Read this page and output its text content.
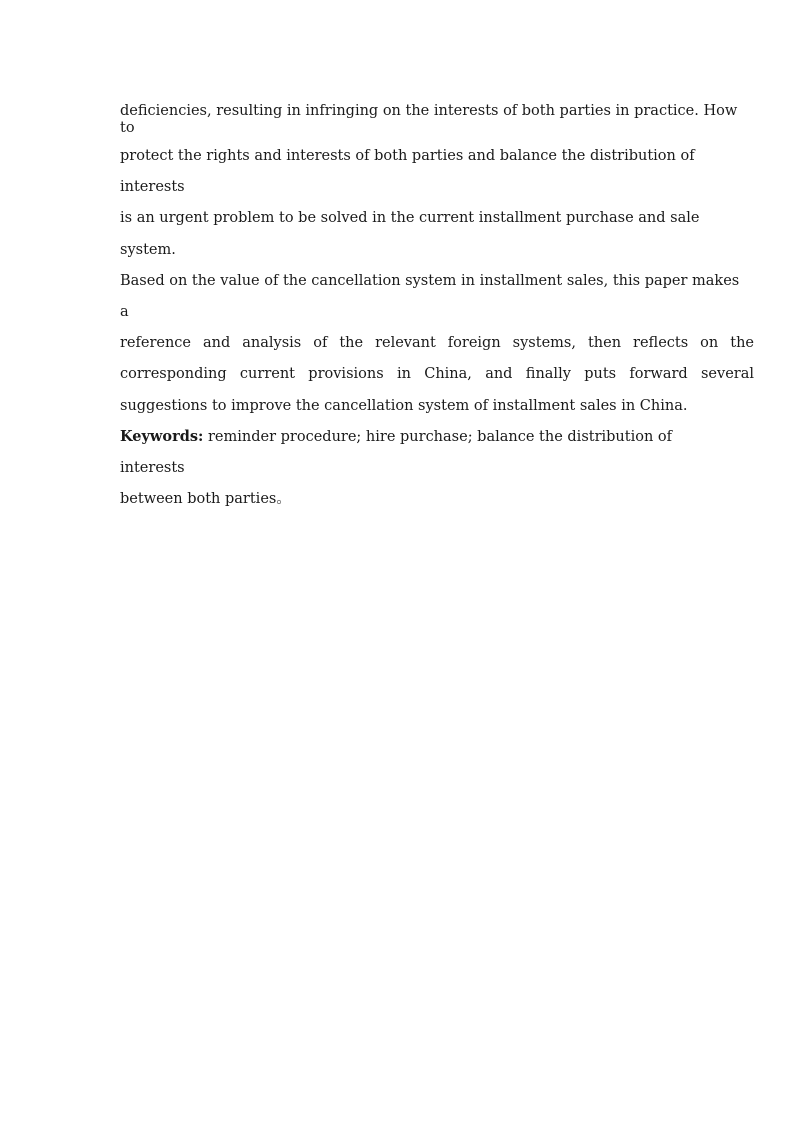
deficiencies, resulting in infringing on the interests of both parties in practice. How
to
protect the rights and interests of both parties and balance the distribution of
interests
is an urgent problem to be solved in the current installment purchase and sale
system.
Based on the value of the cancellation system in installment sales, this paper makes
a
reference and analysis of the relevant foreign systems, then reflects on the
corresponding current provisions in China, and finally puts forward several
suggestions to improve the cancellation system of installment sales in China.
Keywords: reminder procedure; hire purchase; balance the distribution of
interests
between both parties。
